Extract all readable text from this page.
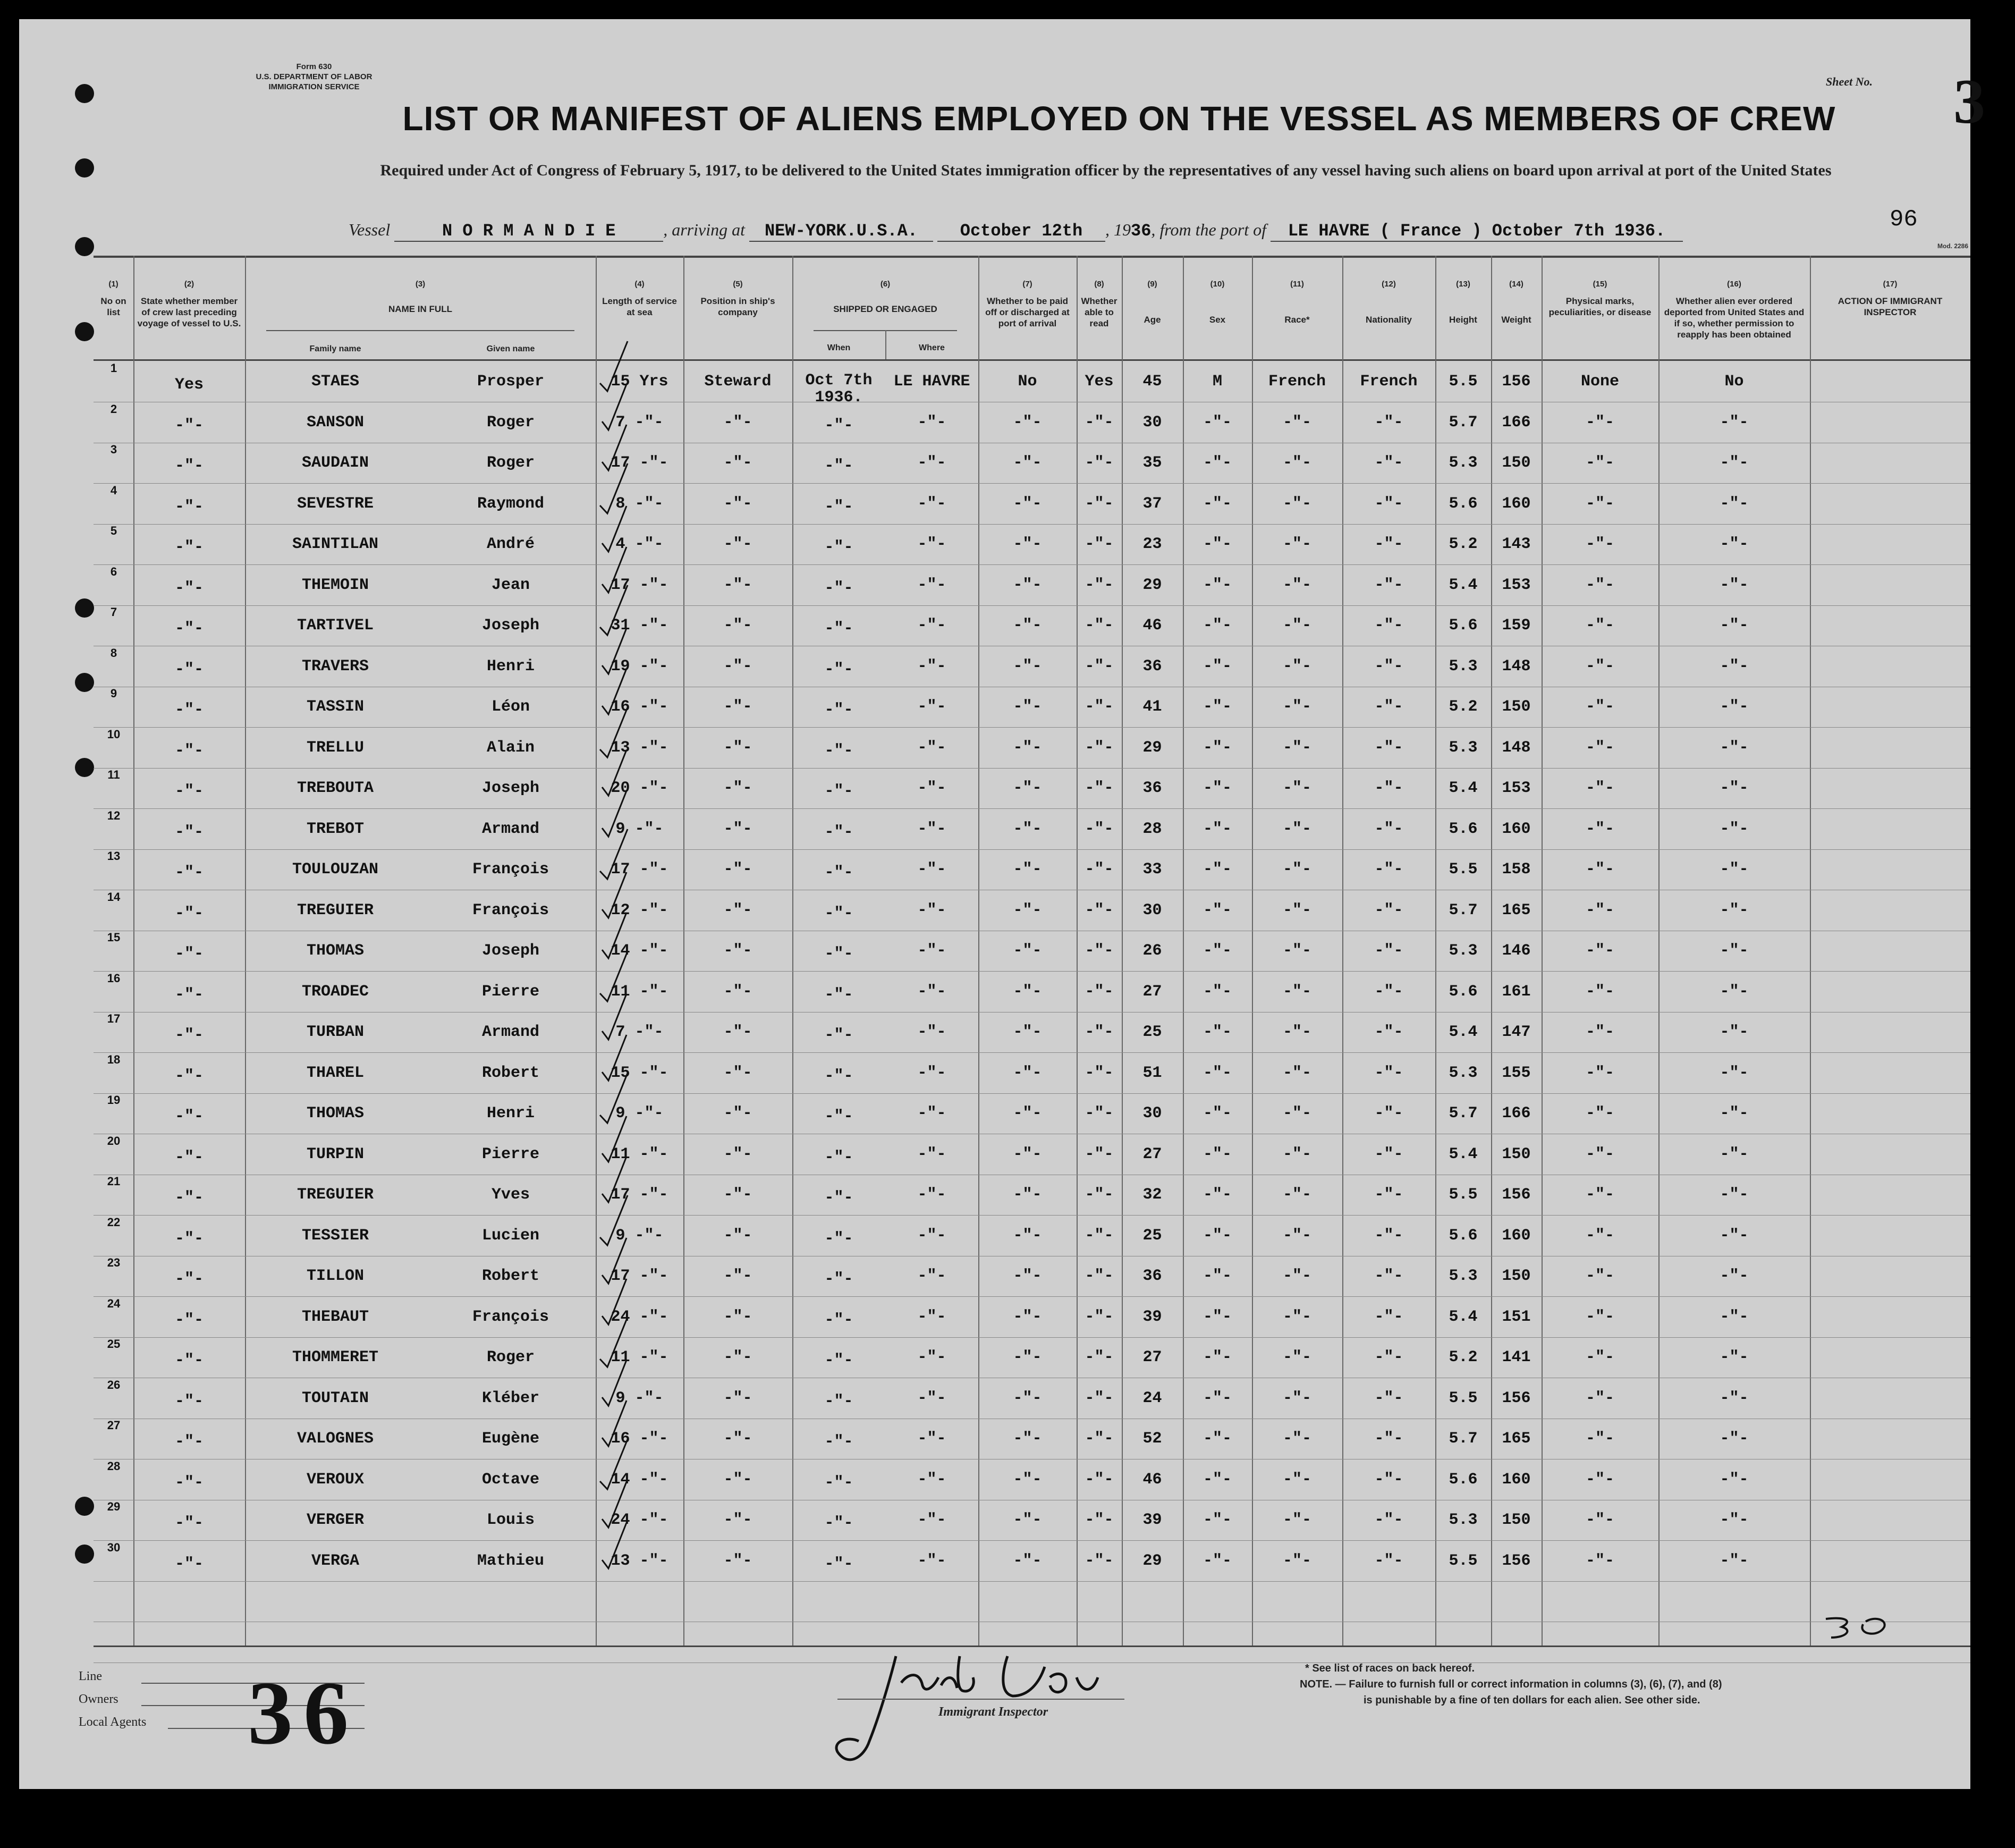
Form 630
U.S. DEPARTMENT OF LABOR
IMMIGRATION SERVICE	Sheet No. 3
LIST OR MANIFEST OF ALIENS EMPLOYED ON THE VESSEL AS MEMBERS OF CREW
Required under Act of Congress of February 5, 1917, to be delivered to the United States immigration officer by the representatives of any vessel having such aliens on board upon arrival at port of the United States
Vessel	N O R M A N D I E	, arriving at NEW-YORK.U.S.A. October 12th , 1936, from the port of LE HAVRE ( France ) October 7th 1936.	96
Mod. 2286
(1)
No on list
(2)
State whether member of crew last preceding voyage of vessel to U.S.
(3)
NAME IN FULL
(4)
Length of service at sea
(5)
Position in ship's company
(6)
SHIPPED OR ENGAGED
(7)
Whether to be paid off or discharged at port of arrival
(8)
Whether able to read
(9)
Age
(10)
Sex
(11)
Race*
(12)
Nationality
(13)
Height
(14)
Weight
(15)
Physical marks, peculiarities, or disease
(16)
Whether alien ever ordered deported from United States and if so, whether permission to reapply has been obtained
(17)
ACTION OF IMMIGRANT INSPECTOR
Family name	Given name	When	Where
1
Yes	STAES	Prosper	15 Yrs	Steward	Oct 7th 1936.
LE HAVRE	No	Yes	45	M	French	French	5.5	156	None	No
2
-"-	SANSON	Roger	7 -"-	-"-	-"-	-"-	-"-	-"-	30	-"-	-"-	-"-	5.7	166	-"-	-"-
3
-"-	SAUDAIN	Roger	17 -"-	-"-	-"-	-"-	-"-	-"-	35	-"-	-"-	-"-	5.3	150	-"-	-"-
4
-"-	SEVESTRE	Raymond	8 -"-	-"-	-"-	-"-	-"-	-"-	37	-"-	-"-	-"-	5.6	160	-"-	-"-
5
-"-	SAINTILAN	André	4 -"-	-"-	-"-	-"-	-"-	-"-	23	-"-	-"-	-"-	5.2	143	-"-	-"-
6
-"-	THEMOIN	Jean	17 -"-	-"-	-"-	-"-	-"-	-"-	29	-"-	-"-	-"-	5.4	153	-"-	-"-
7
-"-	TARTIVEL	Joseph	31 -"-	-"-	-"-	-"-	-"-	-"-	46	-"-	-"-	-"-	5.6	159	-"-	-"-
8
-"-	TRAVERS	Henri	19 -"-	-"-	-"-	-"-	-"-	-"-	36	-"-	-"-	-"-	5.3	148	-"-	-"-
9
-"-	TASSIN	Léon	16 -"-	-"-	-"-	-"-	-"-	-"-	41	-"-	-"-	-"-	5.2	150	-"-	-"-
10
-"-	TRELLU	Alain	13 -"-	-"-	-"-	-"-	-"-	-"-	29	-"-	-"-	-"-	5.3	148	-"-	-"-
11
-"-	TREBOUTA	Joseph	20 -"-	-"-	-"-	-"-	-"-	-"-	36	-"-	-"-	-"-	5.4	153	-"-	-"-
12
-"-	TREBOT	Armand	9 -"-	-"-	-"-	-"-	-"-	-"-	28	-"-	-"-	-"-	5.6	160	-"-	-"-
13
-"-	TOULOUZAN	François	17 -"-	-"-	-"-	-"-	-"-	-"-	33	-"-	-"-	-"-	5.5	158	-"-	-"-
14
-"-	TREGUIER	François	12 -"-	-"-	-"-	-"-	-"-	-"-	30	-"-	-"-	-"-	5.7	165	-"-	-"-
15
-"-	THOMAS	Joseph	14 -"-	-"-	-"-	-"-	-"-	-"-	26	-"-	-"-	-"-	5.3	146	-"-	-"-
16
-"-	TROADEC	Pierre	11 -"-	-"-	-"-	-"-	-"-	-"-	27	-"-	-"-	-"-	5.6	161	-"-	-"-
17
-"-	TURBAN	Armand	7 -"-	-"-	-"-	-"-	-"-	-"-	25	-"-	-"-	-"-	5.4	147	-"-	-"-
18
-"-	THAREL	Robert	15 -"-	-"-	-"-	-"-	-"-	-"-	51	-"-	-"-	-"-	5.3	155	-"-	-"-
19
-"-	THOMAS	Henri	9 -"-	-"-	-"-	-"-	-"-	-"-	30	-"-	-"-	-"-	5.7	166	-"-	-"-
20
-"-	TURPIN	Pierre	11 -"-	-"-	-"-	-"-	-"-	-"-	27	-"-	-"-	-"-	5.4	150	-"-	-"-
21
-"-	TREGUIER	Yves	17 -"-	-"-	-"-	-"-	-"-	-"-	32	-"-	-"-	-"-	5.5	156	-"-	-"-
22
-"-	TESSIER	Lucien	9 -"-	-"-	-"-	-"-	-"-	-"-	25	-"-	-"-	-"-	5.6	160	-"-	-"-
23
-"-	TILLON	Robert	17 -"-	-"-	-"-	-"-	-"-	-"-	36	-"-	-"-	-"-	5.3	150	-"-	-"-
24
-"-	THEBAUT	François	24 -"-	-"-	-"-	-"-	-"-	-"-	39	-"-	-"-	-"-	5.4	151	-"-	-"-
25
-"-	THOMMERET	Roger	11 -"-	-"-	-"-	-"-	-"-	-"-	27	-"-	-"-	-"-	5.2	141	-"-	-"-
26
-"-	TOUTAIN	Kléber	9 -"-	-"-	-"-	-"-	-"-	-"-	24	-"-	-"-	-"-	5.5	156	-"-	-"-
27
-"-	VALOGNES	Eugène	16 -"-	-"-	-"-	-"-	-"-	-"-	52	-"-	-"-	-"-	5.7	165	-"-	-"-
28
-"-	VEROUX	Octave	14 -"-	-"-	-"-	-"-	-"-	-"-	46	-"-	-"-	-"-	5.6	160	-"-	-"-
29
-"-	VERGER	Louis	24 -"-	-"-	-"-	-"-	-"-	-"-	39	-"-	-"-	-"-	5.3	150	-"-	-"-
30
-"-	VERGA	Mathieu	13 -"-	-"-	-"-	-"-	-"-	-"-	29	-"-	-"-	-"-	5.5	156	-"-	-"-
Line
Owners
Local Agents 36	Immigrant Inspector
* See list of races on back hereof.
NOTE. — Failure to furnish full or correct information in columns (3), (6), (7), and (8)
is punishable by a fine of ten dollars for each alien. See other side.
